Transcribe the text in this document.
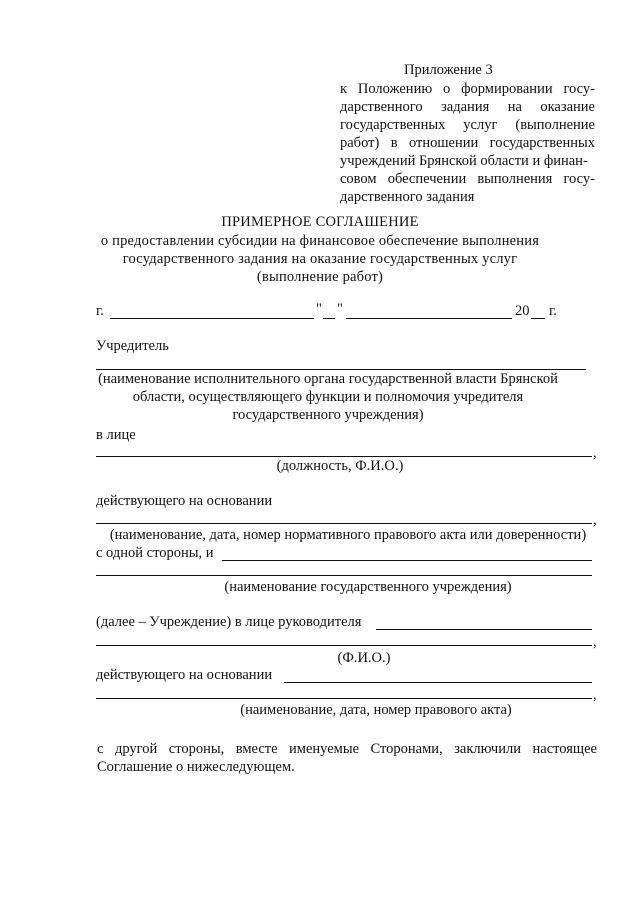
Приложение 3
к Положению о формировании госу-
дарственного задания на оказание
государственных услуг (выполнение
работ) в отношении государственных
учреждений Брянской области и финан-
совом обеспечении выполнения госу-
дарственного задания
ПРИМЕРНОЕ СОГЛАШЕНИЕ
о предоставлении субсидии на финансовое обеспечение выполнения
государственного задания на оказание государственных услуг
(выполнение работ)
г.	" "	20 г.
Учредитель
(наименование исполнительного органа государственной власти Брянской
области, осуществляющего функции и полномочия учредителя
государственного учреждения)
в лице
,
(должность, Ф.И.О.)
действующего на основании
,
(наименование, дата, номер нормативного правового акта или доверенности)
с одной стороны, и
(наименование государственного учреждения)
(далее – Учреждение) в лице руководителя
,
(Ф.И.О.)
действующего на основании
,
(наименование, дата, номер правового акта)
с другой стороны, вместе именуемые Сторонами, заключили настоящее
Соглашение о нижеследующем.
